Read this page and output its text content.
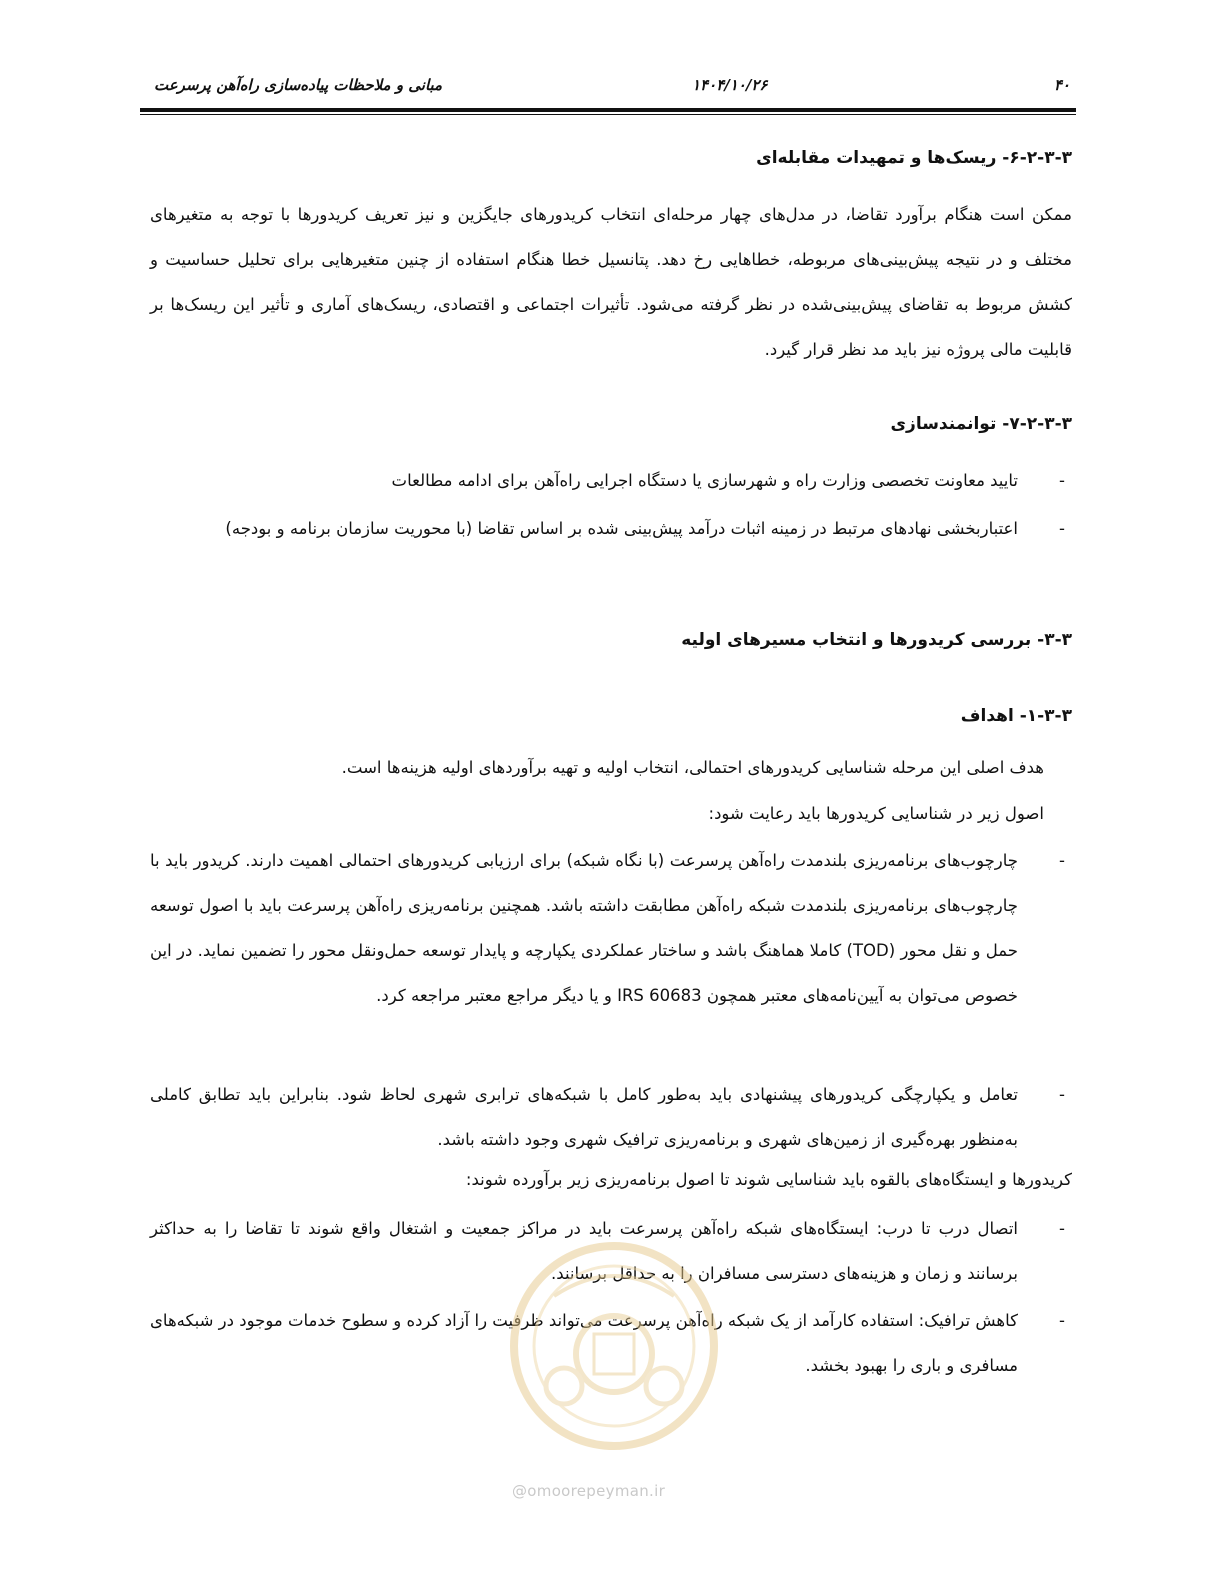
۴۰
۱۴۰۴/۱۰/۲۶
مبانی و ملاحظات پیاده‌سازی راه‌آهن پرسرعت
۶-۲-۳-۳- ریسک‌ها و تمهیدات مقابله‌ای
ممکن است هنگام برآورد تقاضا، در مدل‌های چهار مرحله‌ای انتخاب کریدورهای جایگزین و نیز تعریف کریدورها با توجه به متغیرهای مختلف و در نتیجه پیش‌بینی‌های مربوطه، خطاهایی رخ دهد. پتانسیل خطا هنگام استفاده از چنین متغیرهایی برای تحلیل حساسیت و کشش مربوط به تقاضای پیش‌بینی‌شده در نظر گرفته می‌شود. تأثیرات اجتماعی و اقتصادی، ریسک‌های آماری و تأثیر این ریسک‌ها بر قابلیت مالی پروژه نیز باید مد نظر قرار گیرد.
۷-۲-۳-۳- توانمندسازی
-
تایید معاونت تخصصی وزارت راه و شهرسازی یا دستگاه اجرایی راه‌آهن برای ادامه مطالعات
-
اعتباربخشی نهادهای مرتبط در زمینه اثبات درآمد پیش‌بینی شده بر اساس تقاضا (با محوریت سازمان برنامه و بودجه)
۳-۳- بررسی کریدورها و انتخاب مسیرهای اولیه
۱-۳-۳- اهداف
هدف اصلی این مرحله شناسایی کریدورهای احتمالی، انتخاب اولیه و تهیه برآوردهای اولیه هزینه‌ها است.
اصول زیر در شناسایی کریدورها باید رعایت شود:
-
چارچوب‌های برنامه‌ریزی بلندمدت راه‌آهن پرسرعت (با نگاه شبکه) برای ارزیابی کریدورهای احتمالی اهمیت دارند. کریدور باید با چارچوب‌های برنامه‌ریزی بلندمدت شبکه راه‌آهن مطابقت داشته باشد. همچنین برنامه‌ریزی راه‌آهن پرسرعت باید با اصول توسعه حمل و نقل محور (TOD) کاملا هماهنگ باشد و ساختار عملکردی یکپارچه و پایدار توسعه حمل‌ونقل محور را تضمین نماید. در این خصوص می‌توان به آیین‌نامه‌های معتبر همچون IRS 60683 و یا دیگر مراجع معتبر مراجعه کرد.
-
تعامل و یکپارچگی کریدورهای پیشنهادی باید به‌طور کامل با شبکه‌های ترابری شهری لحاظ شود. بنابراین باید تطابق کاملی به‌منظور بهره‌گیری از زمین‌های شهری و برنامه‌ریزی ترافیک شهری وجود داشته باشد.
کریدورها و ایستگاه‌های بالقوه باید شناسایی شوند تا اصول برنامه‌ریزی زیر برآورده شوند:
-
اتصال درب تا درب: ایستگاه‌های شبکه راه‌آهن پرسرعت باید در مراکز جمعیت و اشتغال واقع شوند تا تقاضا را به حداکثر برسانند و زمان و هزینه‌های دسترسی مسافران را به حداقل برسانند.
-
کاهش ترافیک: استفاده کارآمد از یک شبکه راه‌آهن پرسرعت می‌تواند ظرفیت را آزاد کرده و سطوح خدمات موجود در شبکه‌های مسافری و باری را بهبود بخشد.
@omoorepeyman.ir
